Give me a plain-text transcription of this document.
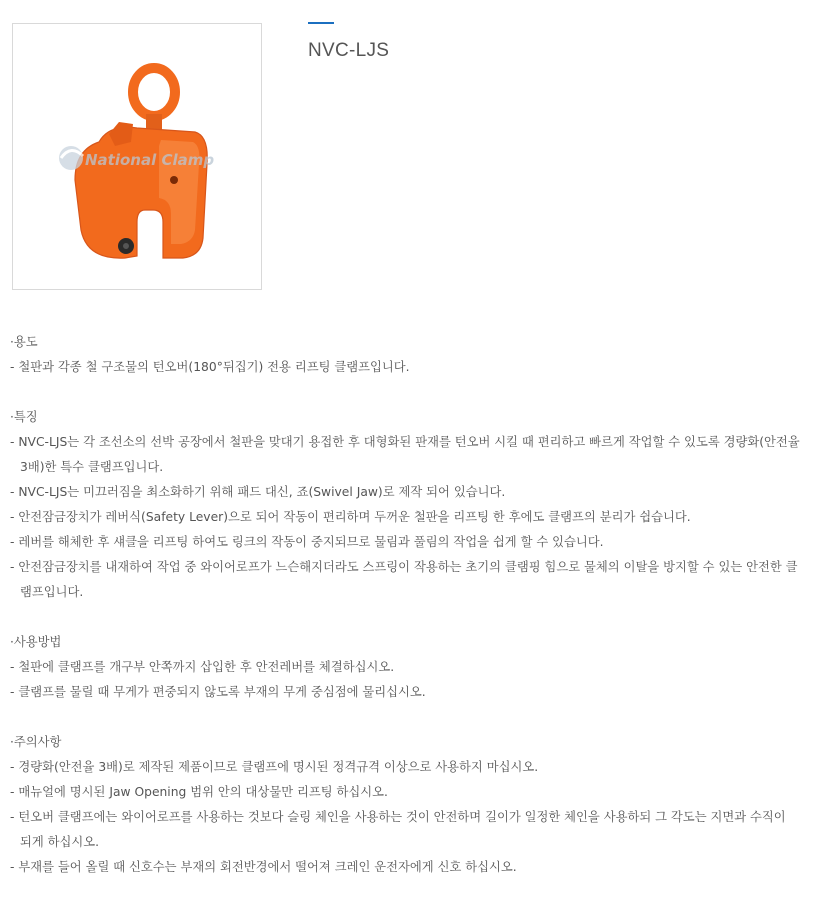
National Clamp
NVC-LJS
·용도
- 철판과 각종 철 구조물의 턴오버(180°뒤집기) 전용 리프팅 클램프입니다.
·특징
- NVC-LJS는 각 조선소의 선박 공장에서 철판을 맞대기 용접한 후 대형화된 판재를 턴오버 시킬 때 편리하고 빠르게 작업할 수 있도록 경량화(안전율 3배)한 특수 클램프입니다.
- NVC-LJS는 미끄러짐을 최소화하기 위해 패드 대신, 죠(Swivel Jaw)로 제작 되어 있습니다.
- 안전잠금장치가 레버식(Safety Lever)으로 되어 작동이 편리하며 두꺼운 철판을 리프팅 한 후에도 클램프의 분리가 쉽습니다.
- 레버를 해체한 후 섀클을 리프팅 하여도 링크의 작동이 중지되므로 물림과 풀림의 작업을 쉽게 할 수 있습니다.
- 안전잠금장치를 내재하여 작업 중 와이어로프가 느슨해지더라도 스프링이 작용하는 초기의 클램핑 힘으로 물체의 이탈을 방지할 수 있는 안전한 클램프입니다.
·사용방법
- 철판에 클램프를 개구부 안쪽까지 삽입한 후 안전레버를 체결하십시오.
- 클램프를 물릴 때 무게가 편중되지 않도록 부재의 무게 중심점에 물리십시오.
·주의사항
- 경량화(안전율 3배)로 제작된 제품이므로 클램프에 명시된 정격규격 이상으로 사용하지 마십시오.
- 매뉴얼에 명시된 Jaw Opening 범위 안의 대상물만 리프팅 하십시오.
- 턴오버 클램프에는 와이어로프를 사용하는 것보다 슬링 체인을 사용하는 것이 안전하며 길이가 일정한 체인을 사용하되 그 각도는 지면과 수직이 되게 하십시오.
- 부재를 들어 올릴 때 신호수는 부재의 회전반경에서 떨어져 크레인 운전자에게 신호 하십시오.
